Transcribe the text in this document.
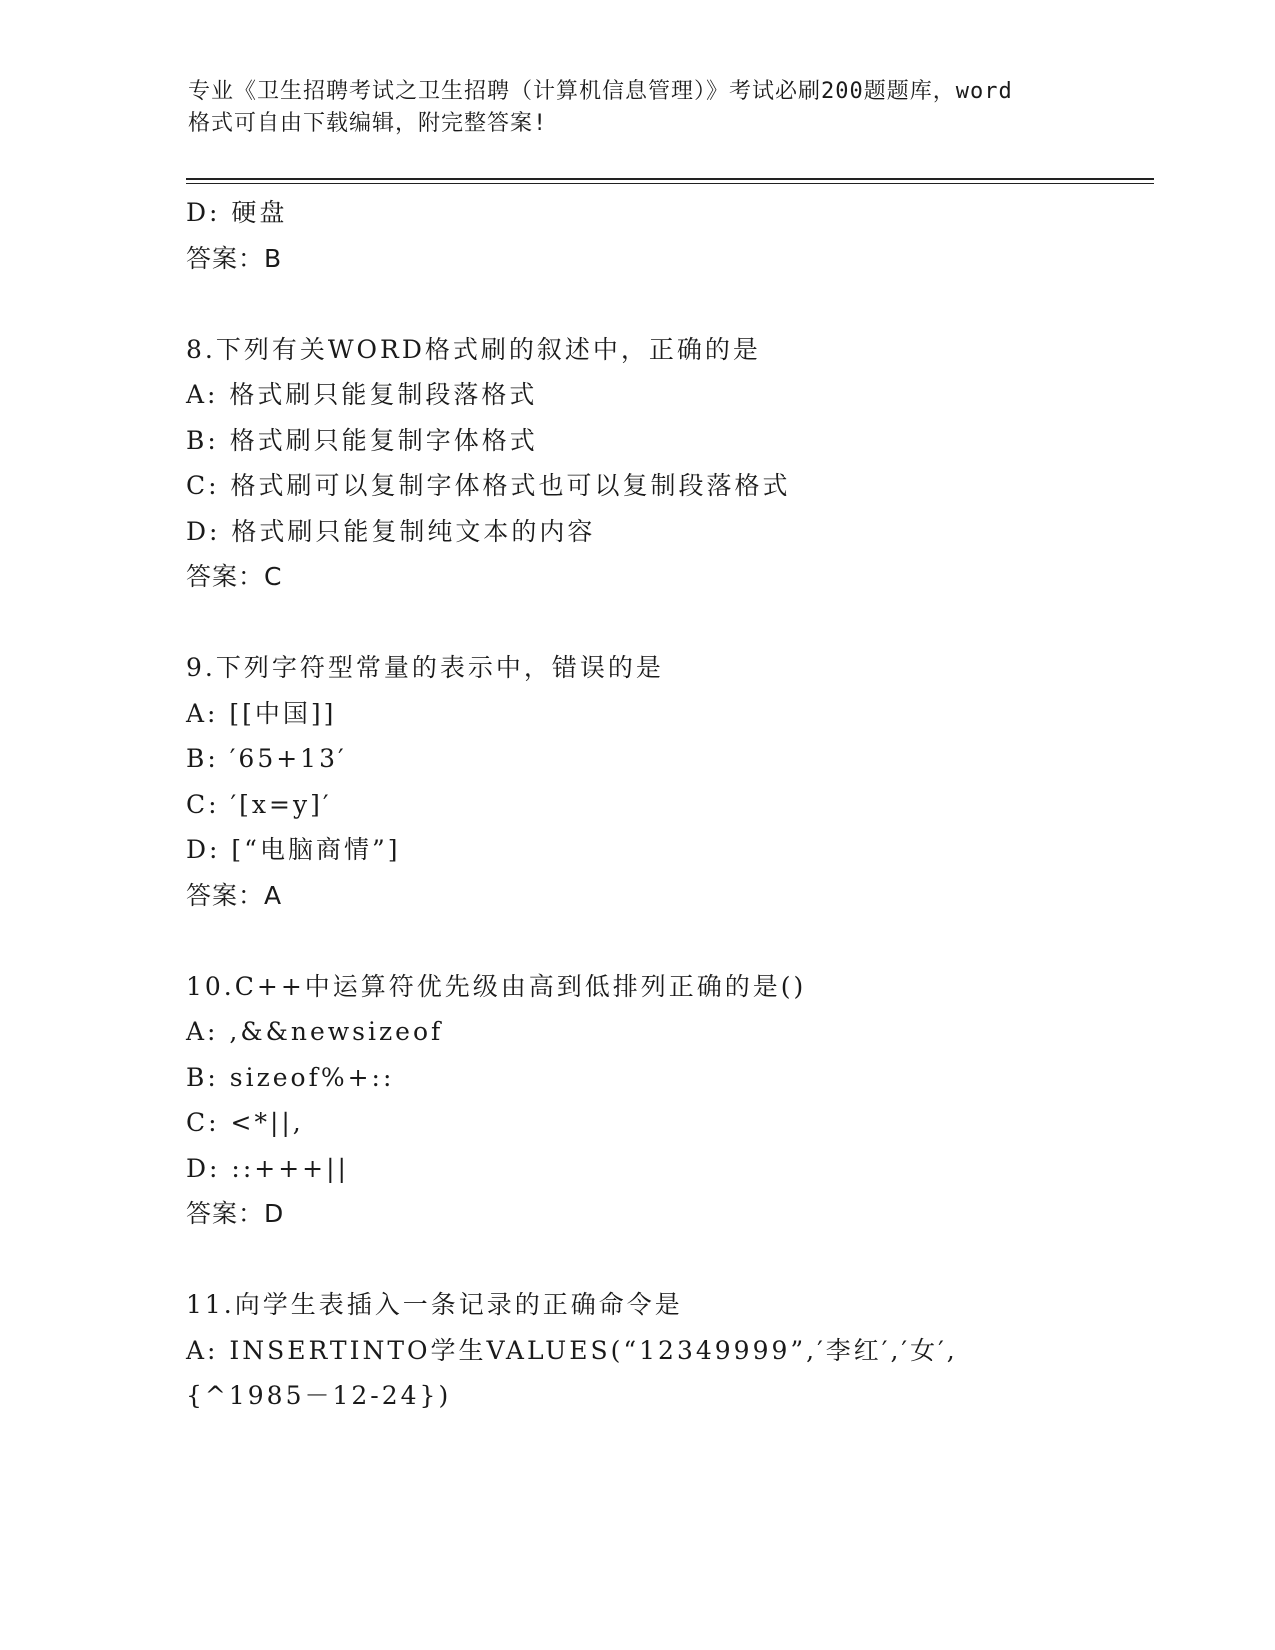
专业《卫生招聘考试之卫生招聘（计算机信息管理）》考试必刷200题题库，word
格式可自由下载编辑，附完整答案!
D: 硬盘
答案：B
8.下列有关WORD格式刷的叙述中，正确的是
A: 格式刷只能复制段落格式
B: 格式刷只能复制字体格式
C: 格式刷可以复制字体格式也可以复制段落格式
D: 格式刷只能复制纯文本的内容
答案：C
9.下列字符型常量的表示中，错误的是
A: [[中国]]
B: ′65+13′
C: ′[x=y]′
D: [“电脑商情”]
答案：A
10.C++中运算符优先级由高到低排列正确的是()
A: ,&&newsizeof
B: sizeof%+::
C: <*||,
D: ::+++||
答案：D
11.向学生表插入一条记录的正确命令是
A: INSERTINTO学生VALUES(“12349999”,′李红′,′女′,
{^1985－12-24})
